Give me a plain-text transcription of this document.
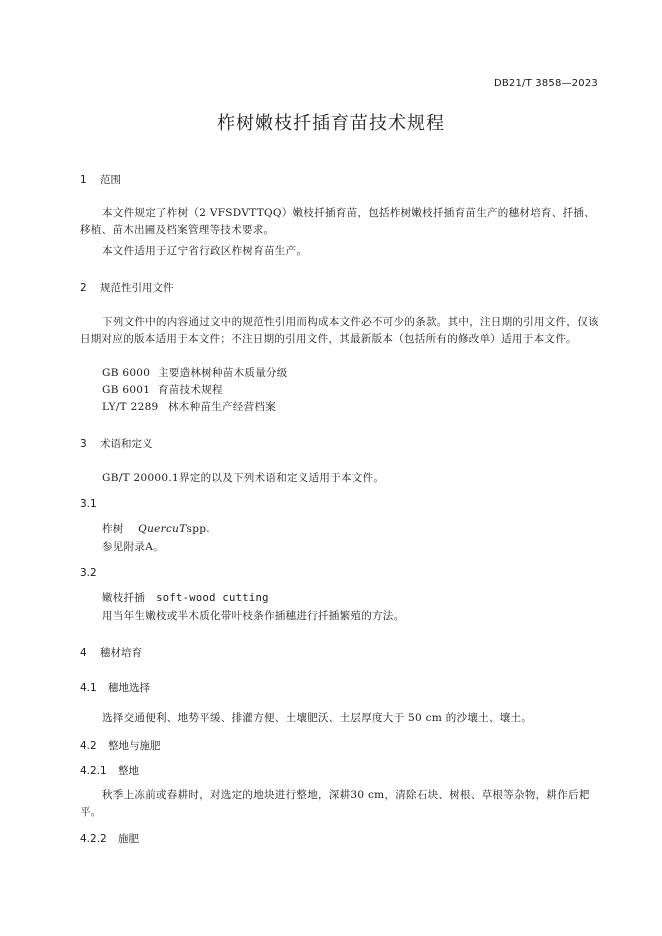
DB21/T 3858—2023
柞树嫩枝扦插育苗技术规程
1 范围
本文件规定了柞树（2 VFSDVTTQQ）嫩枝扦插育苗，包括柞树嫩枝扦插育苗生产的穗材培育、扦插、移植、苗木出圃及档案管理等技术要求。
本文件适用于辽宁省行政区柞树育苗生产。
2 规范性引用文件
下列文件中的内容通过文中的规范性引用而构成本文件必不可少的条款。其中，注日期的引用文件，仅该日期对应的版本适用于本文件；不注日期的引用文件，其最新版本（包括所有的修改单）适用于本文件。
GB 6000 主要造林树种苗木质量分级
GB 6001 育苗技术规程
LY/T 2289 林木种苗生产经营档案
3 术语和定义
GB/T 20000.1界定的以及下列术语和定义适用于本文件。
3.1
柞树 QuercuTspp.
参见附录A。
3.2
嫩枝扦插 soft-wood cutting
用当年生嫩枝或半木质化带叶枝条作插穗进行扦插繁殖的方法。
4 穗材培育
4.1 穗地选择
选择交通便利、地势平缓、排灌方便、土壤肥沃、土层厚度大于 50 cm 的沙壤土、壤土。
4.2 整地与施肥
4.2.1 整地
秋季上冻前或春耕时，对选定的地块进行整地，深耕30 cm，清除石块、树根、草根等杂物，耕作后耙平。
4.2.2 施肥
